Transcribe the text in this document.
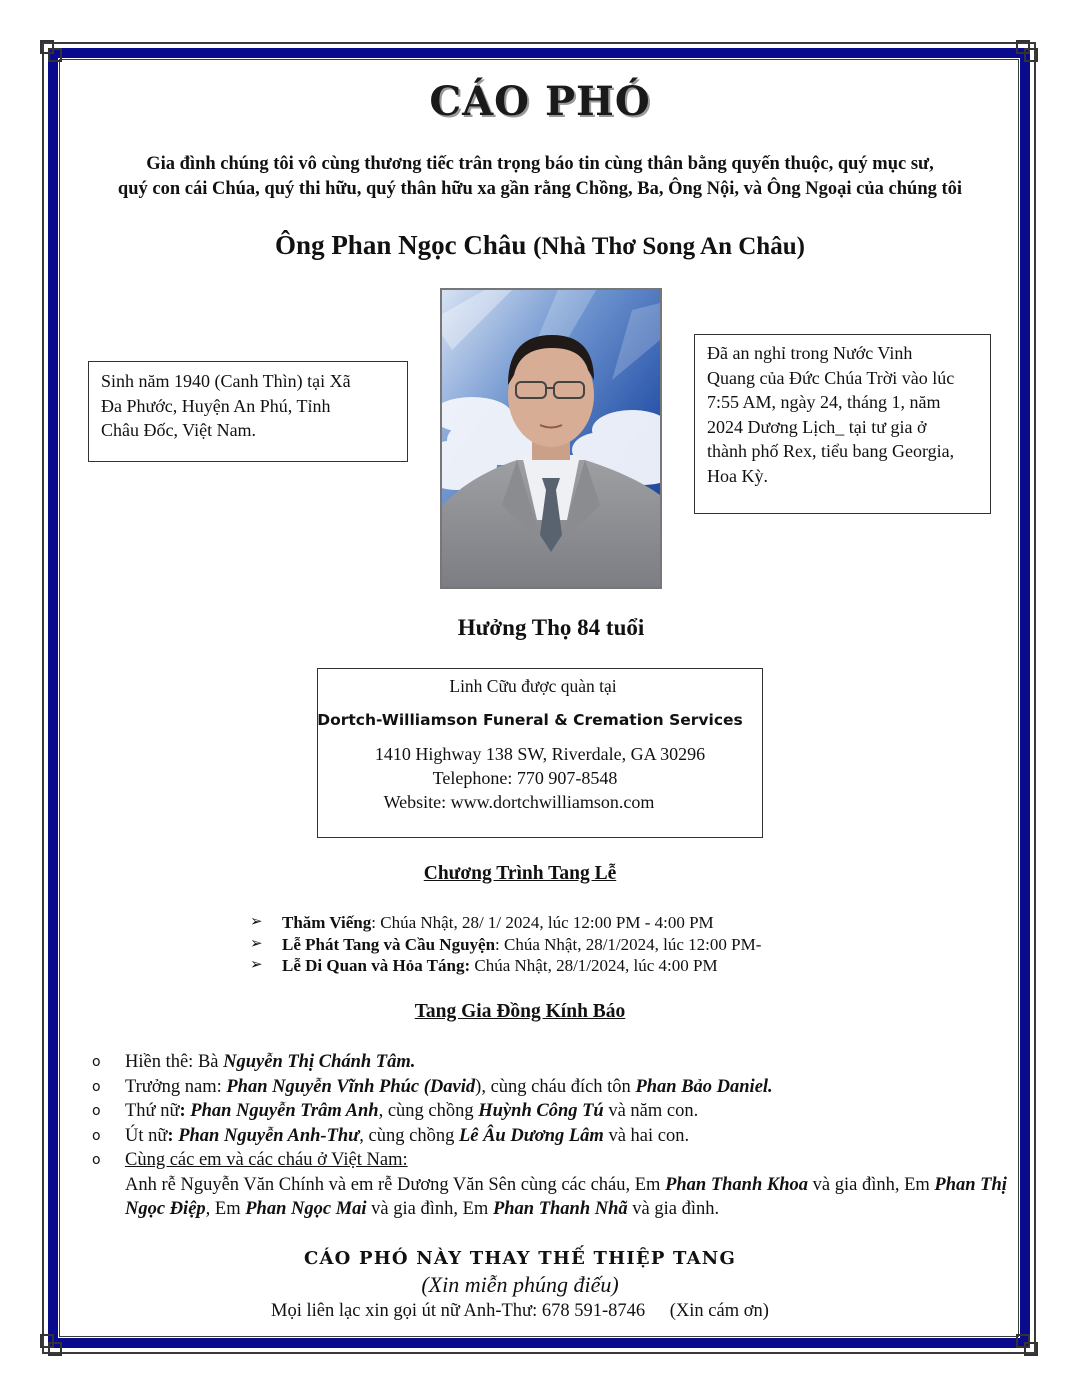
CÁO PHÓ
Gia đình chúng tôi vô cùng thương tiếc trân trọng báo tin cùng thân bằng quyến thuộc, quý mục sư,
quý con cái Chúa, quý thi hữu, quý thân hữu xa gần rằng Chồng, Ba, Ông Nội, và Ông Ngoại của chúng tôi
Ông Phan Ngọc Châu (Nhà Thơ Song An Châu)
Sinh năm 1940 (Canh Thìn) tại Xã
Đa Phước, Huyện An Phú, Tỉnh
Châu Đốc, Việt Nam.
Đã an nghỉ trong Nước Vinh
Quang của Đức Chúa Trời vào lúc
7:55 AM, ngày 24, tháng 1, năm
2024 Dương Lịch_ tại tư gia ở
thành phố Rex, tiểu bang Georgia,
Hoa Kỳ.
Hưởng Thọ 84 tuổi
Linh Cữu được quàn tại
Dortch-Williamson Funeral & Cremation Services
1410 Highway 138 SW, Riverdale, GA 30296
Telephone: 770 907-8548
Website: www.dortchwilliamson.com
Chương Trình Tang Lễ
➢ Thăm Viếng: Chúa Nhật, 28/ 1/ 2024, lúc 12:00 PM - 4:00 PM
➢ Lễ Phát Tang và Cầu Nguyện: Chúa Nhật, 28/1/2024, lúc 12:00 PM-
➢ Lễ Di Quan và Hỏa Táng: Chúa Nhật, 28/1/2024, lúc 4:00 PM
Tang Gia Đồng Kính Báo
o Hiền thê: Bà Nguyễn Thị Chánh Tâm.
o Trưởng nam: Phan Nguyễn Vĩnh Phúc (David), cùng cháu đích tôn Phan Bảo Daniel.
o Thứ nữ: Phan Nguyễn Trâm Anh, cùng chồng Huỳnh Công Tú và năm con.
o Út nữ: Phan Nguyễn Anh-Thư, cùng chồng Lê Âu Dương Lâm và hai con.
o Cùng các em và các cháu ở Việt Nam:
Anh rễ Nguyễn Văn Chính và em rễ Dương Văn Sên cùng các cháu, Em Phan Thanh Khoa và gia đình, Em Phan Thị Ngọc Điệp, Em Phan Ngọc Mai và gia đình, Em Phan Thanh Nhã và gia đình.
CÁO PHÓ NÀY THAY THẾ THIỆP TANG
(Xin miễn phúng điếu)
Mọi liên lạc xin gọi út nữ Anh-Thư: 678 591-8746 (Xin cám ơn)
